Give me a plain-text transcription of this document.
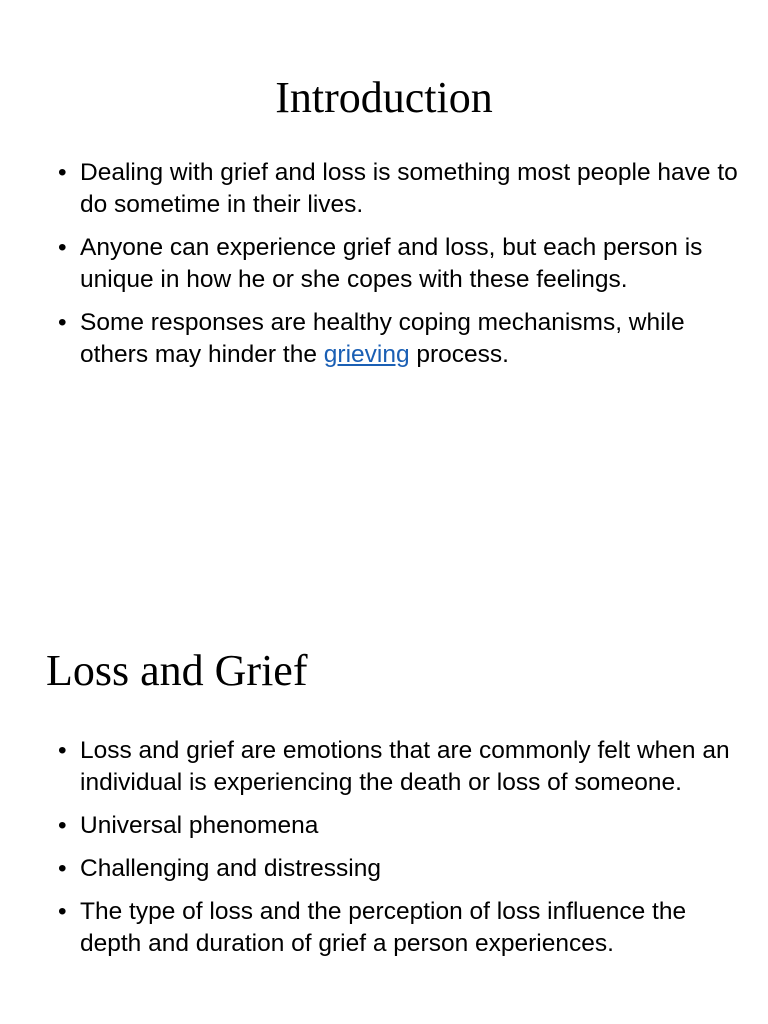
Introduction
• Dealing with grief and loss is something most people have to do sometime in their lives.
• Anyone can experience grief and loss, but each person is unique in how he or she copes with these feelings.
• Some responses are healthy coping mechanisms, while others may hinder the grieving process.
Loss and Grief
• Loss and grief are emotions that are commonly felt when an individual is experiencing the death or loss of someone.
• Universal phenomena
• Challenging and distressing
• The type of loss and the perception of loss influence the depth and duration of grief a person experiences.
